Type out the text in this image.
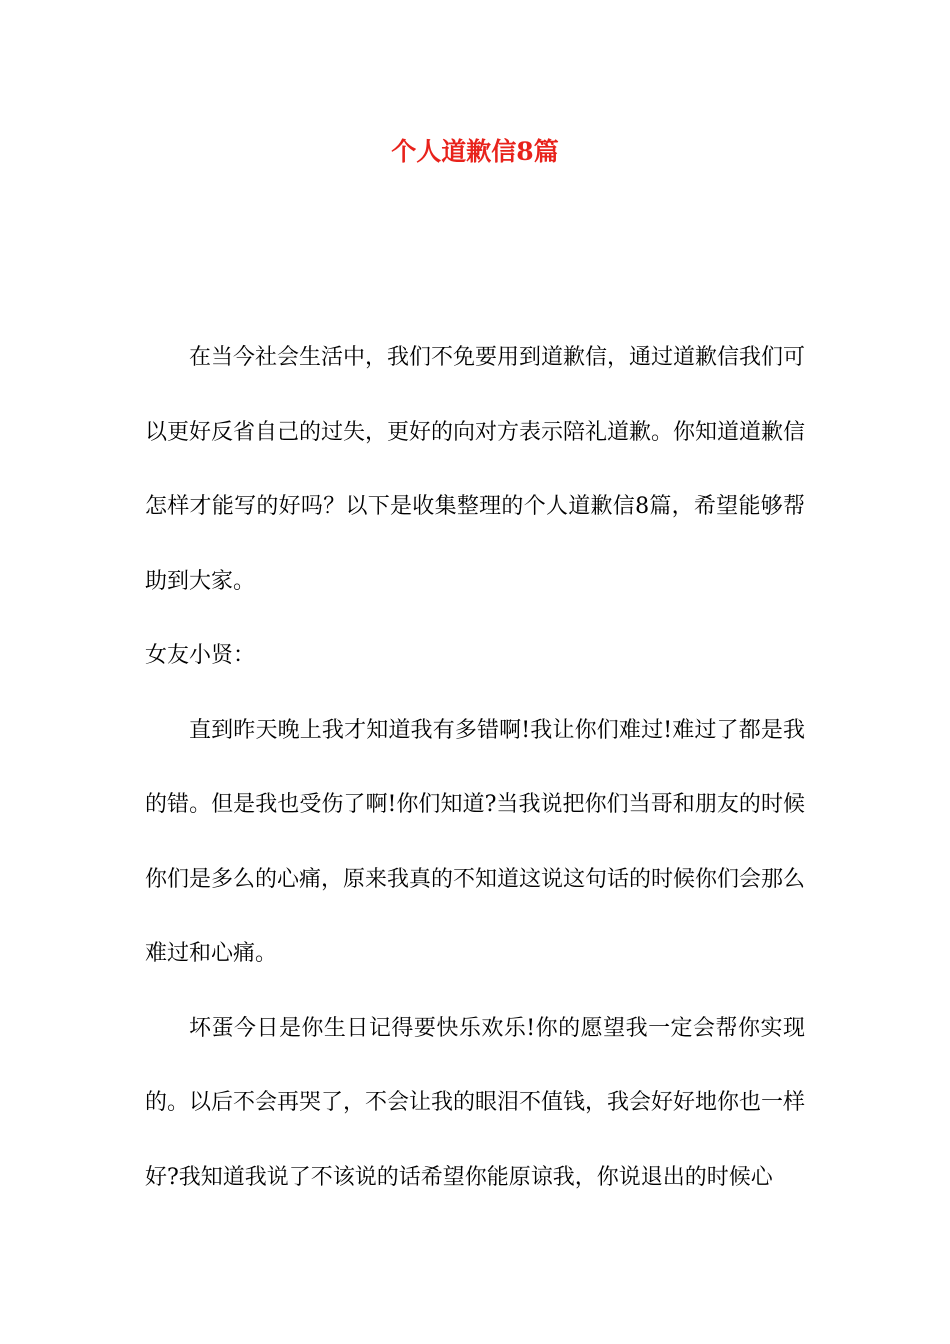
个人道歉信8篇

在当今社会生活中，我们不免要用到道歉信，通过道歉信我们可以更好反省自己的过失，更好的向对方表示陪礼道歉。你知道道歉信怎样才能写的好吗？以下是收集整理的个人道歉信8篇，希望能够帮助到大家。

女友小贤：

直到昨天晚上我才知道我有多错啊!我让你们难过!难过了都是我的错。但是我也受伤了啊!你们知道?当我说把你们当哥和朋友的时候你们是多么的心痛，原来我真的不知道这说这句话的时候你们会那么难过和心痛。

坏蛋今日是你生日记得要快乐欢乐!你的愿望我一定会帮你实现的。以后不会再哭了，不会让我的眼泪不值钱，我会好好地你也一样好?我知道我说了不该说的话希望你能原谅我，你说退出的时候心
